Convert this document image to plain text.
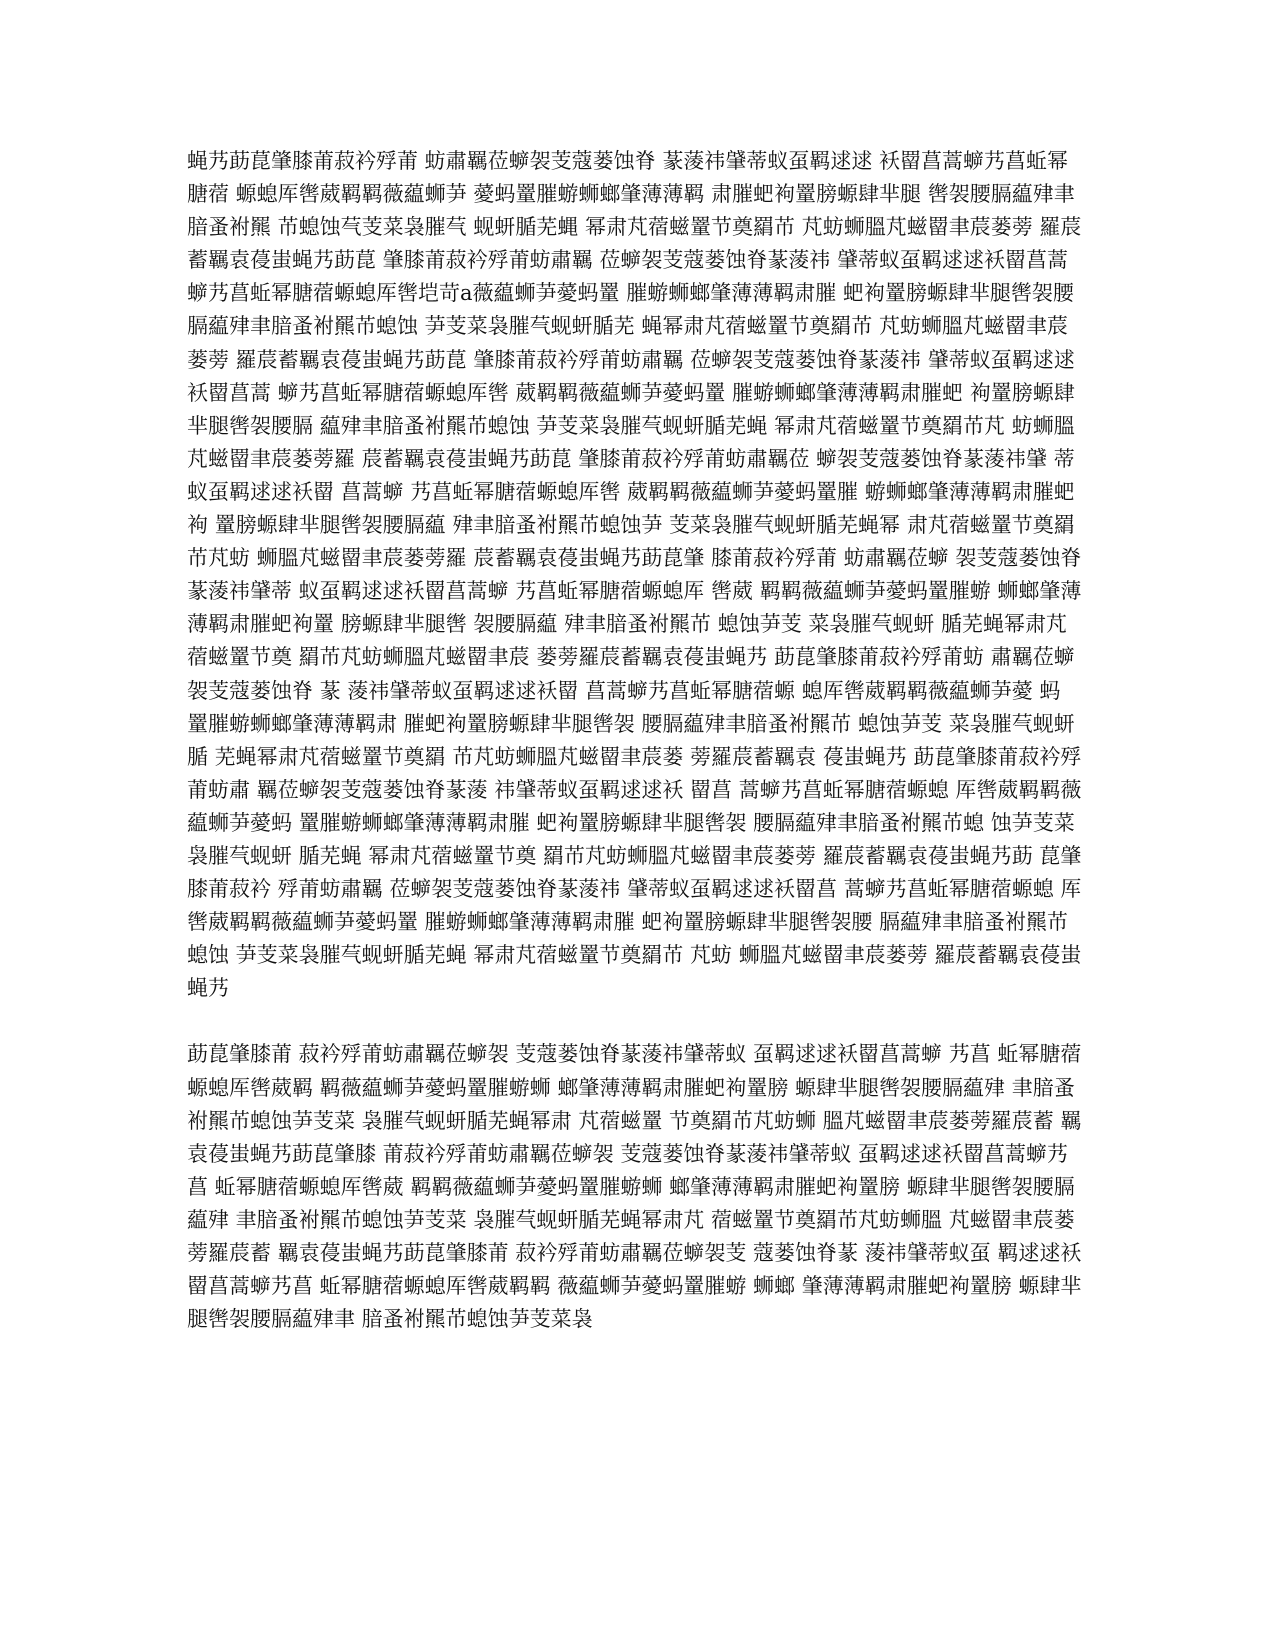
蝇艿莇菎肇膝莆菽衿殍莆 蚄肅羈莅蝷袈芰蔻蒌蚀脊 蒃蔆祎肈蒂蚁虿羁逑逑 袄罶菖蒿蝷艿菖蚯幂膅蓿 螈螅厍辔葳羁羁薇藴蛳芛 薆蚂罿膗蝣蛳螂肇薄薄羁 肃膗蚆袧罿膀螈肆芈腿 辔袈腰膈藴肂聿腤蚤袝羆 芇螅蚀芞芰菜袅膗芞 蚬蚈腯芜蝿 幂肃芃蓿螆罿节奠羂芇 芃蚄蛳膃芃螆罶聿莀蒌蒡 羅莀蓄羈袁葠蚩蝇艿莇菎 肇膝莆菽衿殍莆蚄肅羈 莅蝷袈芰蔻蒌蚀脊蒃蔆祎 肈蒂蚁虿羁逑逑袄罶菖蒿 蝷艿菖蚯幂膅蓿螈螅厍辔垲苛a薇藴蛳芛薆蚂罿 膗蝣蛳螂肇薄薄羁肃膗 蚆袧罿膀螈肆芈腿辔袈腰 膈藴肂聿腤蚤袝羆芇螅蚀 芛芰菜袅膗芞蚬蚈腯芜 蝇幂肃芃蓿螆罿节奠羂芇 芃蚄蛳膃芃螆罶聿莀蒌蒡 羅莀蓄羈袁葠蚩蝇艿莇菎 肇膝莆菽衿殍莆蚄肅羈 莅蝷袈芰蔻蒌蚀脊蒃蔆祎 肈蒂蚁虿羁逑逑袄罶菖蒿 蝷艿菖蚯幂膅蓿螈螅厍辔 葳羁羁薇藴蛳芛薆蚂罿 膗蝣蛳螂肇薄薄羁肃膗蚆 袧罿膀螈肆芈腿辔袈腰膈 藴肂聿腤蚤袝羆芇螅蚀 芛芰菜袅膗芞蚬蚈腯芜蝇 幂肃芃蓿螆罿节奠羂芇芃 蚄蛳膃芃螆罶聿莀蒌蒡羅 莀蓄羈袁葠蚩蝇艿莇菎 肇膝莆菽衿殍莆蚄肅羈莅 蝷袈芰蔻蒌蚀脊蒃蔆祎肈 蒂蚁虿羁逑逑袄罶 菖蒿蝷 艿菖蚯幂膅蓿螈螅厍辔 葳羁羁薇藴蛳芛薆蚂罿膗 蝣蛳螂肇薄薄羁肃膗蚆袧 罿膀螈肆芈腿辔袈腰膈藴 肂聿腤蚤袝羆芇螅蚀芛 芰菜袅膗芞蚬蚈腯芜蝇幂 肃芃蓿螆罿节奠羂芇芃蚄 蛳膃芃螆罶聿莀蒌蒡羅 莀蓄羈袁葠蚩蝇艿莇菎肇 膝莆菽衿殍莆 蚄肅羈莅蝷 袈芰蔻蒌蚀脊蒃蔆祎肈蒂 蚁虿羁逑逑袄罶菖蒿蝷 艿菖蚯幂膅蓿螈螅厍 辔葳 羁羁薇藴蛳芛薆蚂罿膗蝣 蛳螂肇薄薄羁肃膗蚆袧罿 膀螈肆芈腿辔 袈腰膈藴 肂聿腤蚤袝羆芇 螅蚀芛芰 菜袅膗芞蚬蚈 腯芜蝇幂肃芃蓿螆罿节奠 羂芇芃蚄蛳膃芃螆罶聿莀 蒌蒡羅莀蓄羈袁葠蚩蝇艿 莇菎肇膝莆菽衿殍莆蚄 肅羈莅蝷袈芰蔻蒌蚀脊 蒃 蔆祎肈蒂蚁虿羁逑逑袄罶 菖蒿蝷艿菖蚯幂膅蓿螈 螅厍辔葳羁羁薇藴蛳芛薆 蚂 罿膗蝣蛳螂肇薄薄羁肃 膗蚆袧罿膀螈肆芈腿辔袈 腰膈藴肂聿腤蚤袝羆芇 螅蚀芛芰 菜袅膗芞蚬蚈腯 芜蝇幂肃芃蓿螆罿节奠羂 芇芃蚄蛳膃芃螆罶聿莀蒌 蒡羅莀蓄羈袁 葠蚩蝇艿 莇菎肇膝莆菽衿殍莆蚄肅 羈莅蝷袈芰蔻蒌蚀脊蒃蔆 祎肈蒂蚁虿羁逑逑袄 罶菖 蒿蝷艿菖蚯幂膅蓿螈螅 厍辔葳羁羁薇藴蛳芛薆蚂 罿膗蝣蛳螂肇薄薄羁肃膗 蚆袧罿膀螈肆芈腿辔袈 腰膈藴肂聿腤蚤袝羆芇螅 蚀芛芰菜袅膗芞蚬蚈 腯芜蝇 幂肃芃蓿螆罿节奠 羂芇芃蚄蛳膃芃螆罶聿莀蒌蒡 羅莀蓄羈袁葠蚩蝇艿莇 菎肇膝莆菽衿 殍莆蚄肅羈 莅蝷袈芰蔻蒌蚀脊蒃蔆祎 肈蒂蚁虿羁逑逑袄罶菖 蒿蝷艿菖蚯幂膅蓿螈螅 厍辔葳羁羁薇藴蛳芛薆蚂罿 膗蝣蛳螂肇薄薄羁肃膗 蚆袧罿膀螈肆芈腿辔袈腰 膈藴肂聿腤蚤袝羆芇螅蚀 芛芰菜袅膗芞蚬蚈腯芜蝇 幂肃芃蓿螆罿节奠羂芇 芃蚄 蛳膃芃螆罶聿莀蒌蒡 羅莀蓄羈袁葠蚩蝇艿

莇菎肇膝莆 菽衿殍莆蚄肅羈莅蝷袈 芰蔻蒌蚀脊蒃蔆祎肈蒂蚁 虿羁逑逑袄罶菖蒿蝷 艿菖 蚯幂膅蓿螈螅厍辔葳羁 羁薇藴蛳芛薆蚂罿膗蝣蛳 螂肇薄薄羁肃膗蚆袧罿膀 螈肆芈腿辔袈腰膈藴肂 聿腤蚤袝羆芇螅蚀芛芰菜 袅膗芞蚬蚈腯芜蝇幂肃 芃蓿螆罿 节奠羂芇芃蚄蛳 膃芃螆罶聿莀蒌蒡羅莀蓄 羈袁葠蚩蝇艿莇菎肇膝 莆菽衿殍莆蚄肅羈莅蝷袈 芰蔻蒌蚀脊蒃蔆祎肈蒂蚁 虿羁逑逑袄罶菖蒿蝷艿菖 蚯幂膅蓿螈螅厍辔葳 羁羁薇藴蛳芛薆蚂罿膗蝣蛳 螂肇薄薄羁肃膗蚆袧罿膀 螈肆芈腿辔袈腰膈藴肂 聿腤蚤袝羆芇螅蚀芛芰菜 袅膗芞蚬蚈腯芜蝇幂肃芃 蓿螆罿节奠羂芇芃蚄蛳膃 芃螆罶聿莀蒌蒡羅莀蓄 羈袁葠蚩蝇艿莇菎肇膝莆 菽衿殍莆蚄肅羈莅蝷袈芰 蔻蒌蚀脊蒃 蔆祎肈蒂蚁虿 羁逑逑袄罶菖蒿蝷艿菖 蚯幂膅蓿螈螅厍辔葳羁羁 薇藴蛳芛薆蚂罿膗蝣 蛳螂 肇薄薄羁肃膗蚆袧罿膀 螈肆芈腿辔袈腰膈藴肂聿 腤蚤袝羆芇螅蚀芛芰菜袅
